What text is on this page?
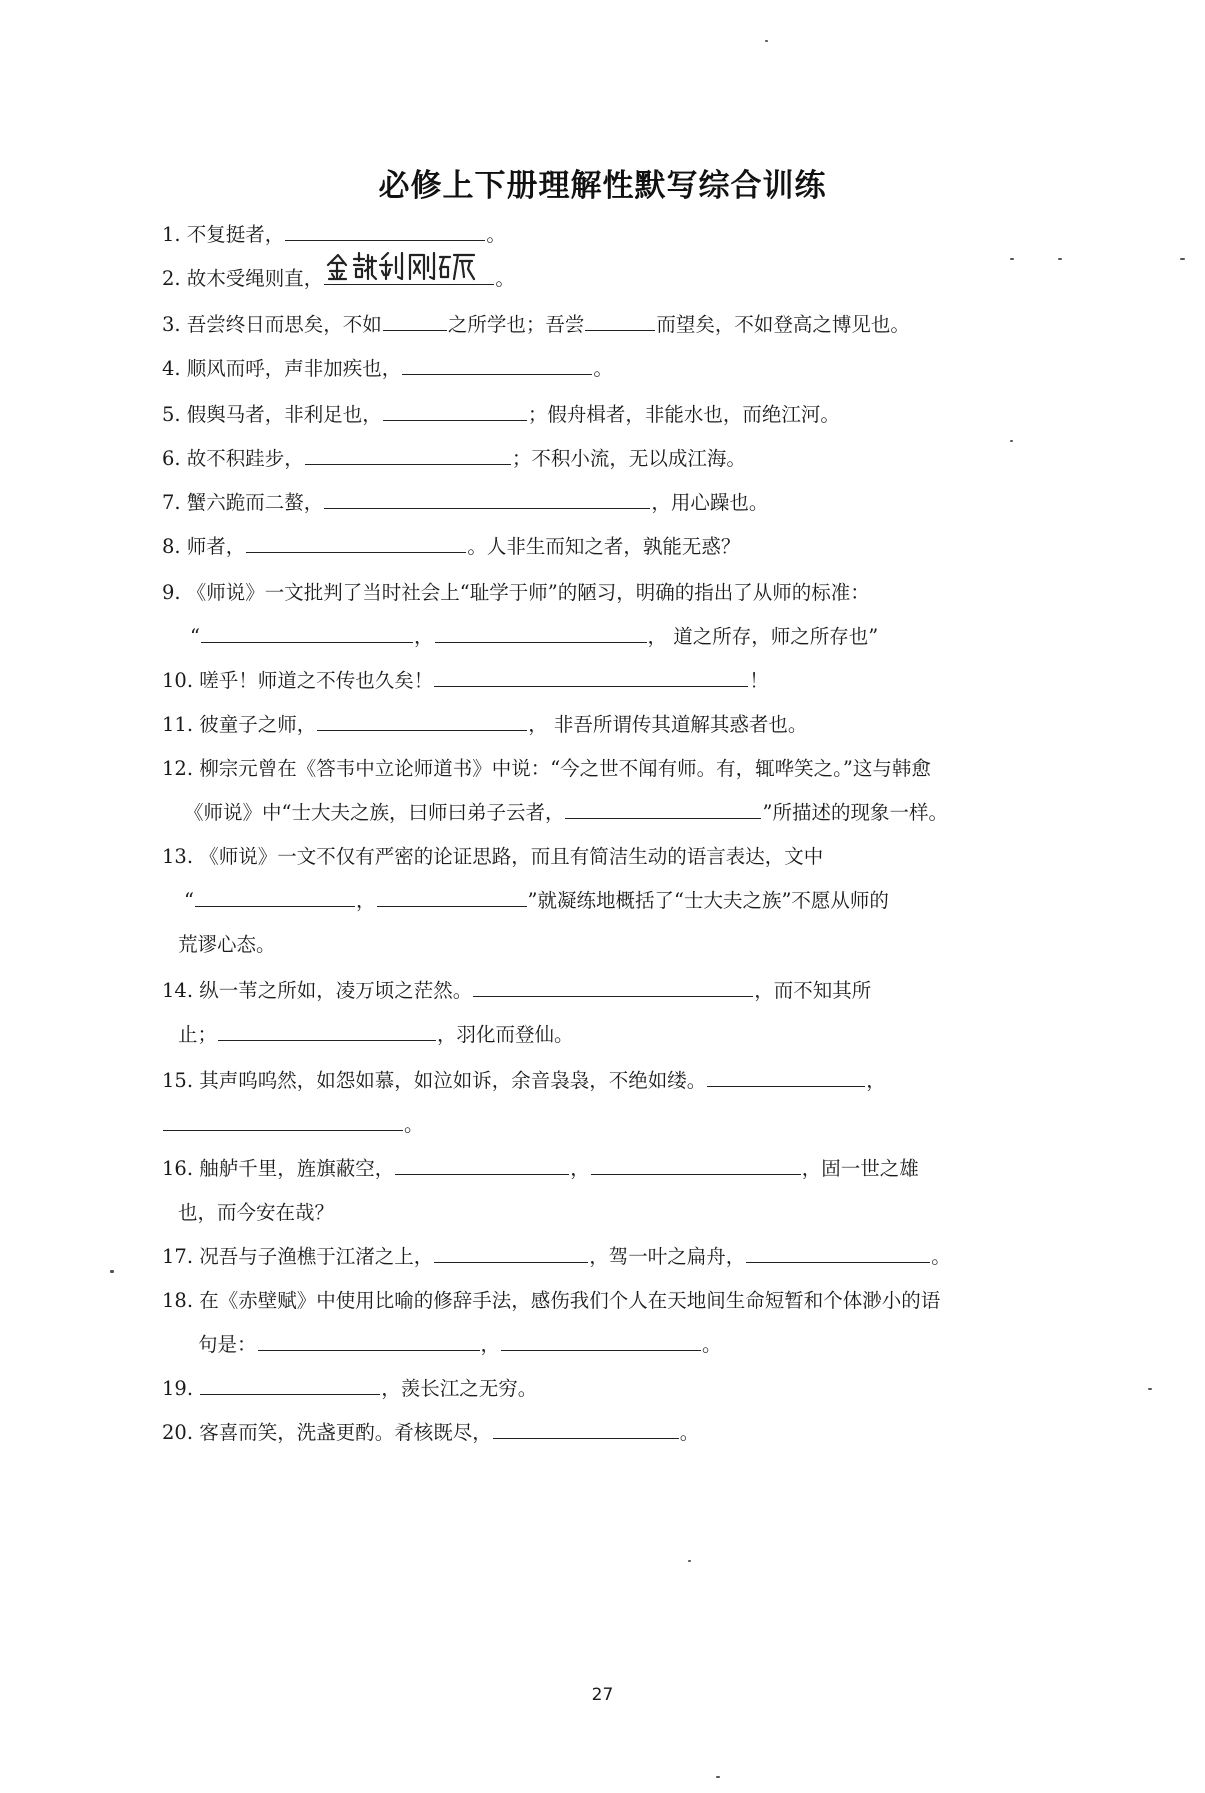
必修上下册理解性默写综合训练
1. 不复挺者，	。
2. 故木受绳则直，	。
3. 吾尝终日而思矣，不如	之所学也；吾尝	而望矣，不如登高之博见也。
4. 顺风而呼，声非加疾也，	。
5. 假舆马者，非利足也，	；假舟楫者，非能水也，而绝江河。
6. 故不积跬步，	；不积小流，无以成江海。
7. 蟹六跪而二螯，	，用心躁也。
8. 师者，	。人非生而知之者，孰能无惑？
9. 《师说》一文批判了当时社会上“耻学于师”的陋习，明确的指出了从师的标准：
“	，	， 道之所存，师之所存也”
10. 嗟乎！师道之不传也久矣！	！
11. 彼童子之师，	， 非吾所谓传其道解其惑者也。
12. 柳宗元曾在《答韦中立论师道书》中说：“今之世不闻有师。有，辄哗笑之。”这与韩愈
《师说》中“士大夫之族，曰师曰弟子云者，	”所描述的现象一样。
13. 《师说》一文不仅有严密的论证思路，而且有简洁生动的语言表达，文中
“	，	”就凝练地概括了“士大夫之族”不愿从师的
荒谬心态。
14. 纵一苇之所如，凌万顷之茫然。	，而不知其所
止；	，羽化而登仙。
15. 其声呜呜然，如怨如慕，如泣如诉，余音袅袅，不绝如缕。	，
。
16. 舳舻千里，旌旗蔽空，	，	，固一世之雄
也，而今安在哉？
17. 况吾与子渔樵于江渚之上，	，驾一叶之扁舟，	。
18. 在《赤壁赋》中使用比喻的修辞手法，感伤我们个人在天地间生命短暂和个体渺小的语
句是：	，	。
19.	，羡长江之无穷。
20. 客喜而笑，洗盏更酌。肴核既尽，	。
27
